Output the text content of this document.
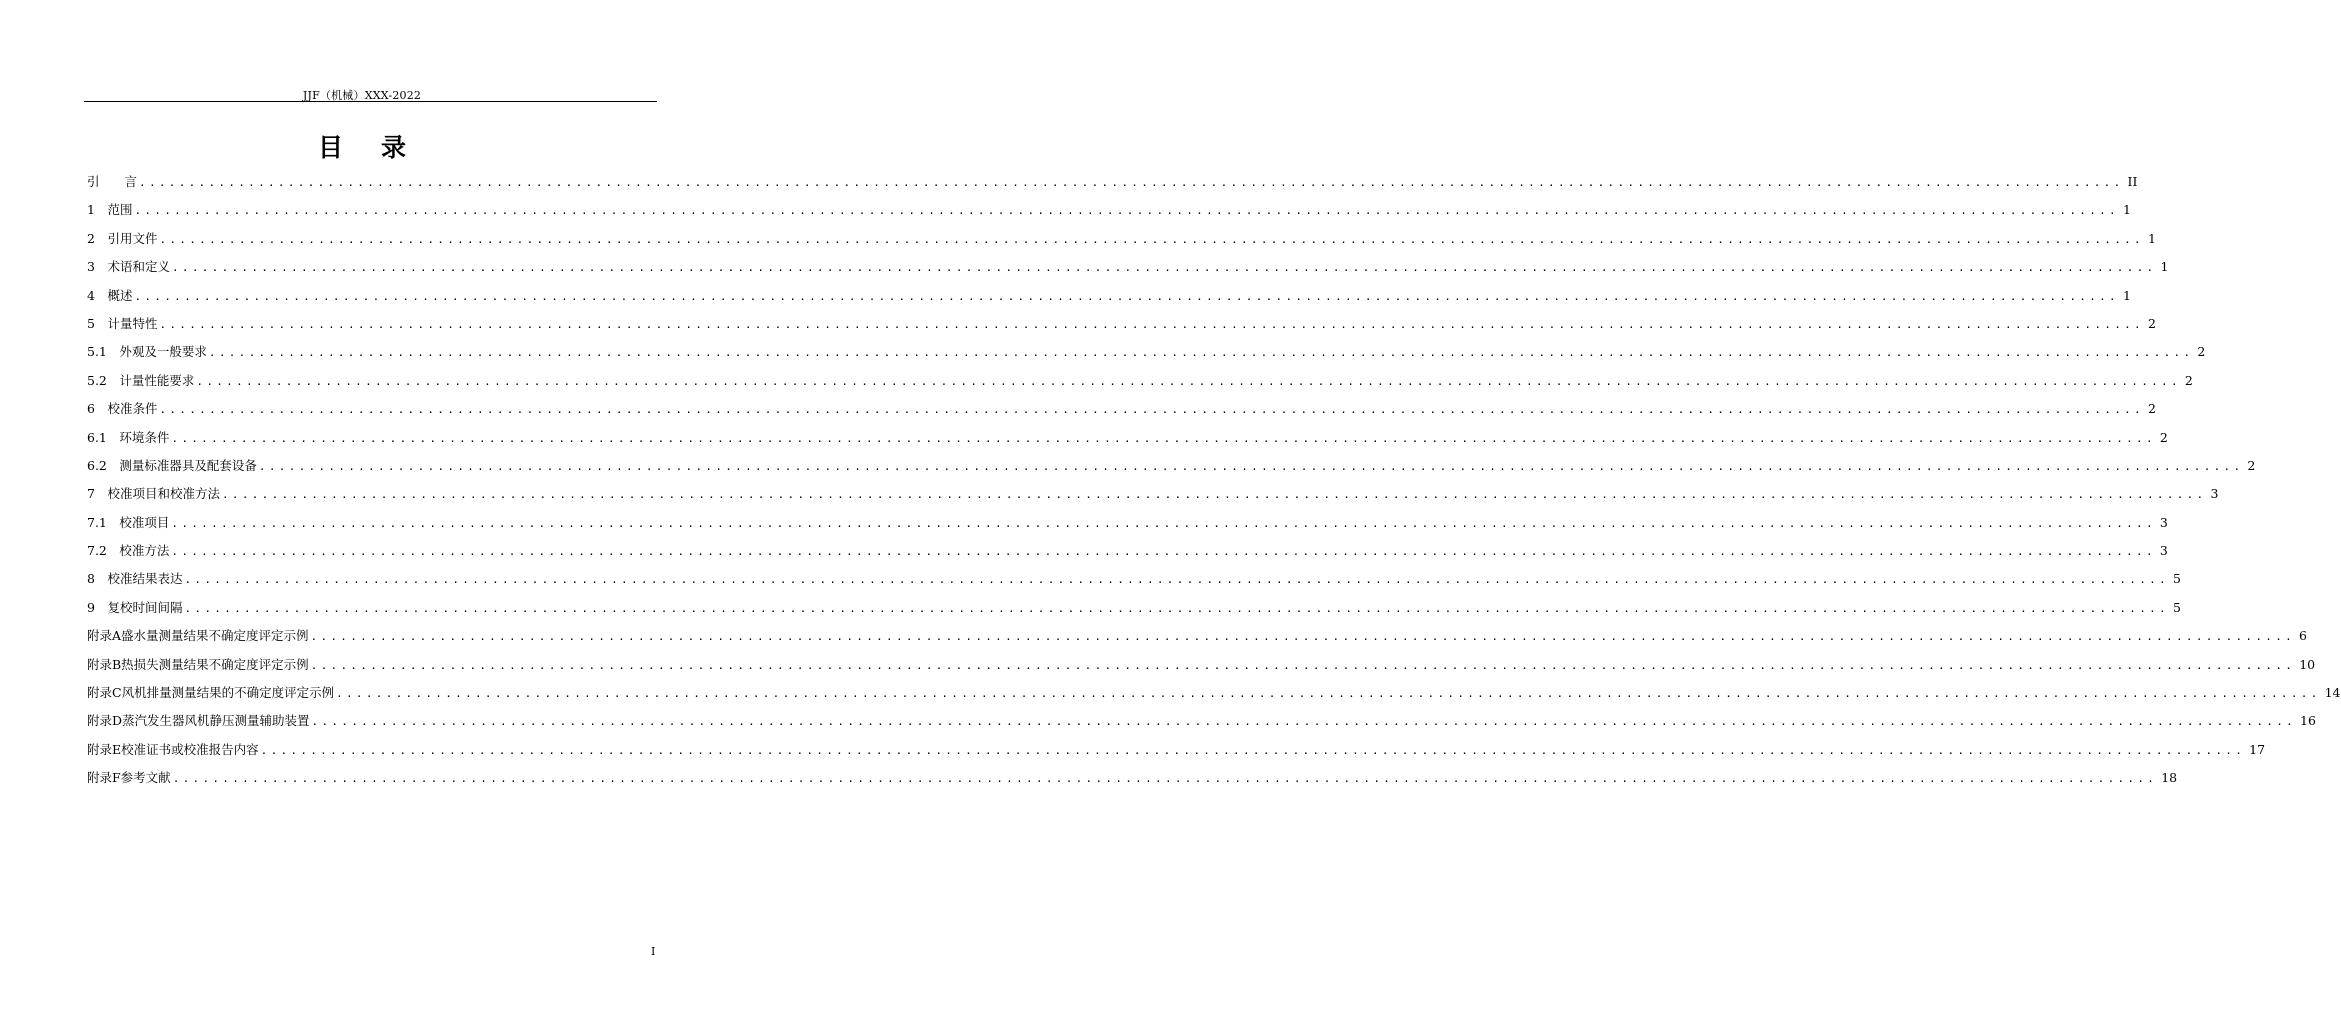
JJF（机械）XXX-2022
目 录
引　　言 ........................................................................................................................................................................................................ II
1　范围 ........................................................................................................................................................................................................ 1
2　引用文件 ........................................................................................................................................................................................................ 1
3　术语和定义 ........................................................................................................................................................................................................ 1
4　概述 ........................................................................................................................................................................................................ 1
5　计量特性 ........................................................................................................................................................................................................ 2
5.1　外观及一般要求 ........................................................................................................................................................................................................ 2
5.2　计量性能要求 ........................................................................................................................................................................................................ 2
6　校准条件 ........................................................................................................................................................................................................ 2
6.1　环境条件 ........................................................................................................................................................................................................ 2
6.2　测量标准器具及配套设备 ........................................................................................................................................................................................................ 2
7　校准项目和校准方法 ........................................................................................................................................................................................................ 3
7.1　校准项目 ........................................................................................................................................................................................................ 3
7.2　校准方法 ........................................................................................................................................................................................................ 3
8　校准结果表达 ........................................................................................................................................................................................................ 5
9　复校时间间隔 ........................................................................................................................................................................................................ 5
附录A盛水量测量结果不确定度评定示例 ........................................................................................................................................................................................................ 6
附录B热损失测量结果不确定度评定示例 ........................................................................................................................................................................................................ 10
附录C风机排量测量结果的不确定度评定示例 ........................................................................................................................................................................................................ 14
附录D蒸汽发生器风机静压测量辅助装置 ........................................................................................................................................................................................................ 16
附录E校准证书或校准报告内容 ........................................................................................................................................................................................................ 17
附录F参考文献 ........................................................................................................................................................................................................ 18
I
